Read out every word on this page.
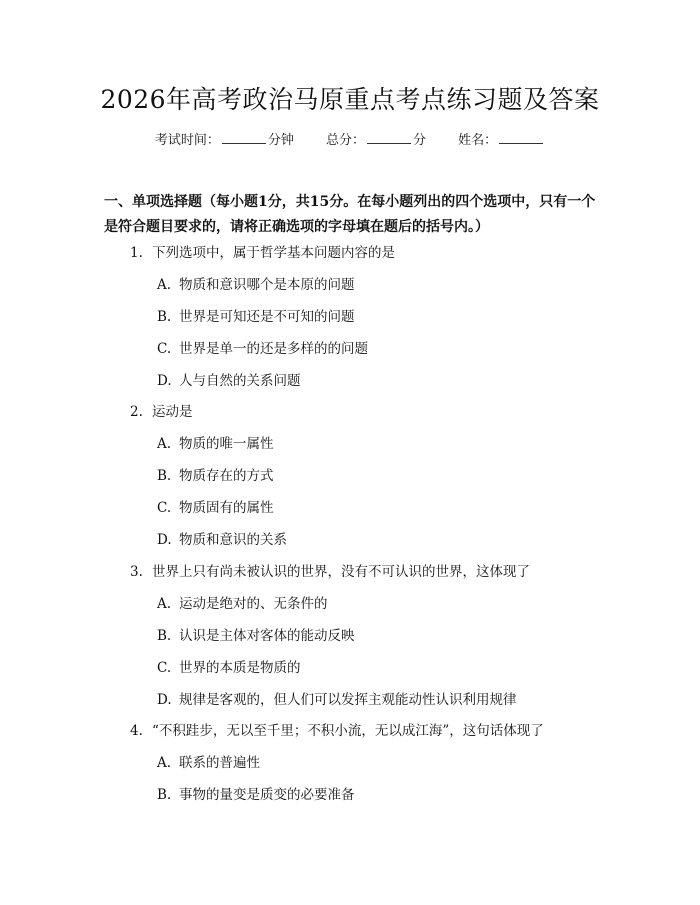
2026年高考政治马原重点考点练习题及答案
考试时间：	分钟 总分：	分 姓名：
一、单项选择题（每小题1分，共15分。在每小题列出的四个选项中，只有一个是符合题目要求的，请将正确选项的字母填在题后的括号内。）
1. 下列选项中，属于哲学基本问题内容的是
A. 物质和意识哪个是本原的问题
B. 世界是可知还是不可知的问题
C. 世界是单一的还是多样的的问题
D. 人与自然的关系问题
2. 运动是
A. 物质的唯一属性
B. 物质存在的方式
C. 物质固有的属性
D. 物质和意识的关系
3. 世界上只有尚未被认识的世界，没有不可认识的世界，这体现了
A. 运动是绝对的、无条件的
B. 认识是主体对客体的能动反映
C. 世界的本质是物质的
D. 规律是客观的，但人们可以发挥主观能动性认识利用规律
4. “不积跬步，无以至千里；不积小流，无以成江海”，这句话体现了
A. 联系的普遍性
B. 事物的量变是质变的必要准备
